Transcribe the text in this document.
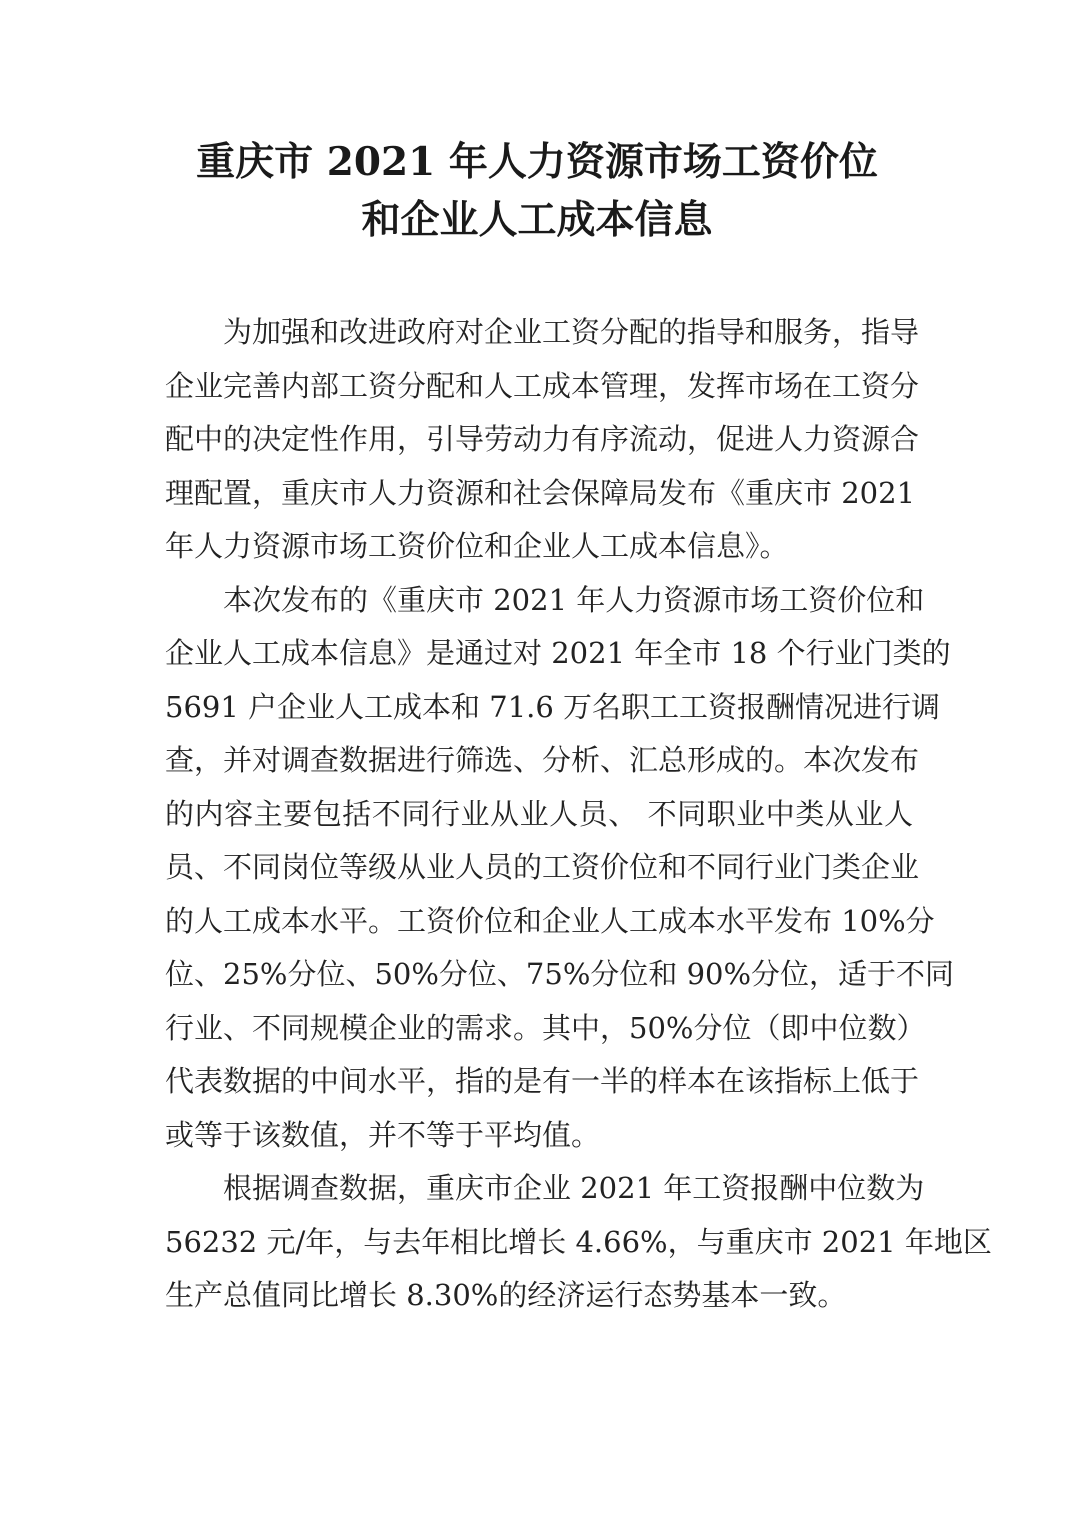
重庆市 2021 年人力资源市场工资价位
和企业人工成本信息
为加强和改进政府对企业工资分配的指导和服务，指导
企业完善内部工资分配和人工成本管理，发挥市场在工资分
配中的决定性作用，引导劳动力有序流动，促进人力资源合
理配置，重庆市人力资源和社会保障局发布《重庆市 2021
年人力资源市场工资价位和企业人工成本信息》。
本次发布的《重庆市 2021 年人力资源市场工资价位和
企业人工成本信息》是通过对 2021 年全市 18 个行业门类的
5691 户企业人工成本和 71.6 万名职工工资报酬情况进行调
查，并对调查数据进行筛选、分析、汇总形成的。本次发布
的内容主要包括不同行业从业人员、 不同职业中类从业人
员、不同岗位等级从业人员的工资价位和不同行业门类企业
的人工成本水平。工资价位和企业人工成本水平发布 10%分
位、25%分位、50%分位、75%分位和 90%分位，适于不同
行业、不同规模企业的需求。其中，50%分位（即中位数）
代表数据的中间水平，指的是有一半的样本在该指标上低于
或等于该数值，并不等于平均值。
根据调查数据，重庆市企业 2021 年工资报酬中位数为
56232 元/年，与去年相比增长 4.66%，与重庆市 2021 年地区
生产总值同比增长 8.30%的经济运行态势基本一致。
